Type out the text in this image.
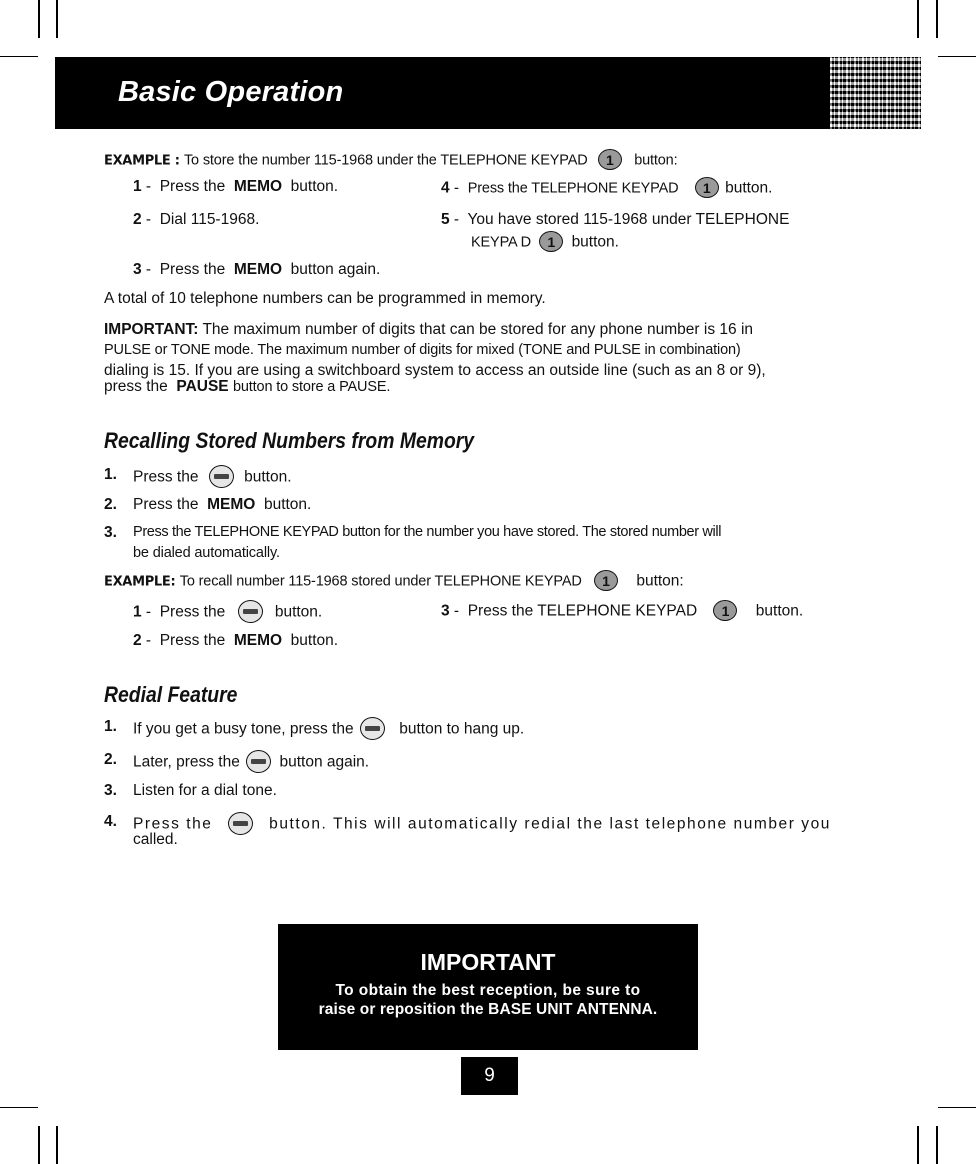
Basic Operation
EXAMPLE : To store the number 115-1968 under the TELEPHONE KEYPAD 1 button:
1 -  Press the MEMO button.
2 -  Dial 115-1968.
3 -  Press the MEMO button again.
4 -  Press the TELEPHONE KEYPAD 1 button.
5 -  You have stored 115-1968 under TELEPHONE
KEYPA D 1 button.
A total of 10 telephone numbers can be programmed in memory.
IMPORTANT: The maximum number of digits that can be stored for any phone number is 16 in
PULSE or TONE mode. The maximum number of digits for mixed (TONE and PULSE in combination)
dialing is 15. If you are using a switchboard system to access an outside line (such as an 8 or 9),
press the PAUSE button to store a PAUSE.
Recalling Stored Numbers from Memory
1. Press the	button.
2. Press the MEMO button.
3. Press the TELEPHONE KEYPAD button for the number you have stored. The stored number will
be dialed automatically.
EXAMPLE: To recall number 115-1968 stored under TELEPHONE KEYPAD 1 button:
1 -  Press the	button.
2 -  Press the MEMO button.
3 -  Press the TELEPHONE KEYPAD 1 button.
Redial Feature
1. If you get a busy tone, press the	button to hang up.
2. Later, press the	button again.
3. Listen for a dial tone.
4. Press the	button. This will automatically redial the last telephone number you
called.
IMPORTANT
To obtain the best reception, be sure to
raise or reposition the BASE UNIT ANTENNA.
9
